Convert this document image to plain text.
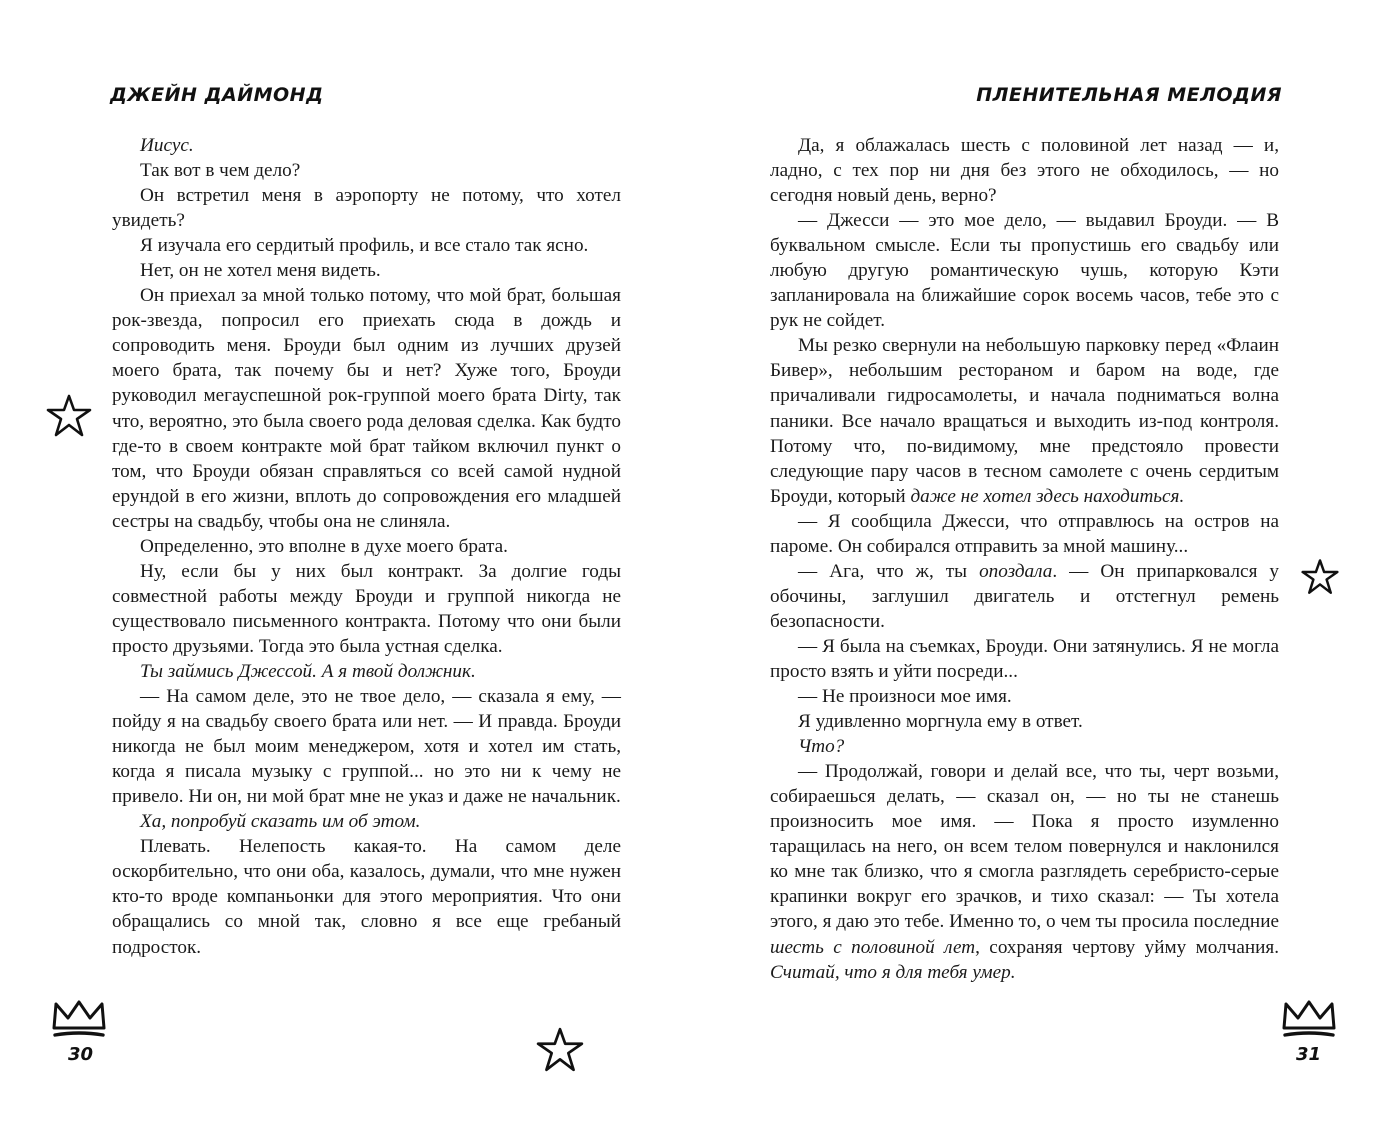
ДЖЕЙН ДАЙМОНД	ПЛЕНИТЕЛЬНАЯ МЕЛОДИЯ

Иисус.

Так вот в чем дело?

Он встретил меня в аэропорту не потому, что хотел увидеть?

Я изучала его сердитый профиль, и все стало так ясно.

Нет, он не хотел меня видеть.

Он приехал за мной только потому, что мой брат, большая рок-звезда, попросил его приехать сюда в дождь и сопроводить меня. Броуди был одним из лучших друзей моего брата, так почему бы и нет? Хуже того, Броуди руководил мегауспешной рок-группой моего брата Dirty, так что, вероятно, это была своего рода деловая сделка. Как будто где-то в своем контракте мой брат тайком включил пункт о том, что Броуди обязан справляться со всей самой нудной ерундой в его жизни, вплоть до сопровождения его младшей сестры на свадьбу, чтобы она не слиняла.

Определенно, это вполне в духе моего брата.

Ну, если бы у них был контракт. За долгие годы совместной работы между Броуди и группой никогда не существовало письменного контракта. Потому что они были просто друзьями. Тогда это была устная сделка.

Ты займись Джессой. А я твой должник.

— На самом деле, это не твое дело, — сказала я ему, — пойду я на свадьбу своего брата или нет. — И правда. Броуди никогда не был моим менеджером, хотя и хотел им стать, когда я писала музыку с группой... но это ни к чему не привело. Ни он, ни мой брат мне не указ и даже не начальник.

Ха, попробуй сказать им об этом.

Плевать. Нелепость какая-то. На самом деле оскорбительно, что они оба, казалось, думали, что мне нужен кто-то вроде компаньонки для этого мероприятия. Что они обращались со мной так, словно я все еще гребаный подросток.

Да, я облажалась шесть с половиной лет назад — и, ладно, с тех пор ни дня без этого не обходилось, — но сегодня новый день, верно?

— Джесси — это мое дело, — выдавил Броуди. — В буквальном смысле. Если ты пропустишь его свадьбу или любую другую романтическую чушь, которую Кэти запланировала на ближайшие сорок восемь часов, тебе это с рук не сойдет.

Мы резко свернули на небольшую парковку перед «Флаин Бивер», небольшим рестораном и баром на воде, где причаливали гидросамолеты, и начала подниматься волна паники. Все начало вращаться и выходить из-под контроля. Потому что, по-видимому, мне предстояло провести следующие пару часов в тесном самолете с очень сердитым Броуди, который даже не хотел здесь находиться.

— Я сообщила Джесси, что отправлюсь на остров на пароме. Он собирался отправить за мной машину...

— Ага, что ж, ты опоздала. — Он припарковался у обочины, заглушил двигатель и отстегнул ремень безопасности.

— Я была на съемках, Броуди. Они затянулись. Я не могла просто взять и уйти посреди...

— Не произноси мое имя.

Я удивленно моргнула ему в ответ.

Что?

— Продолжай, говори и делай все, что ты, черт возьми, собираешься делать, — сказал он, — но ты не станешь произносить мое имя. — Пока я просто изумленно таращилась на него, он всем телом повернулся и наклонился ко мне так близко, что я смогла разглядеть серебристо-серые крапинки вокруг его зрачков, и тихо сказал: — Ты хотела этого, я даю это тебе. Именно то, о чем ты просила последние шесть с половиной лет, сохраняя чертову уйму молчания. Считай, что я для тебя умер.

30	31
